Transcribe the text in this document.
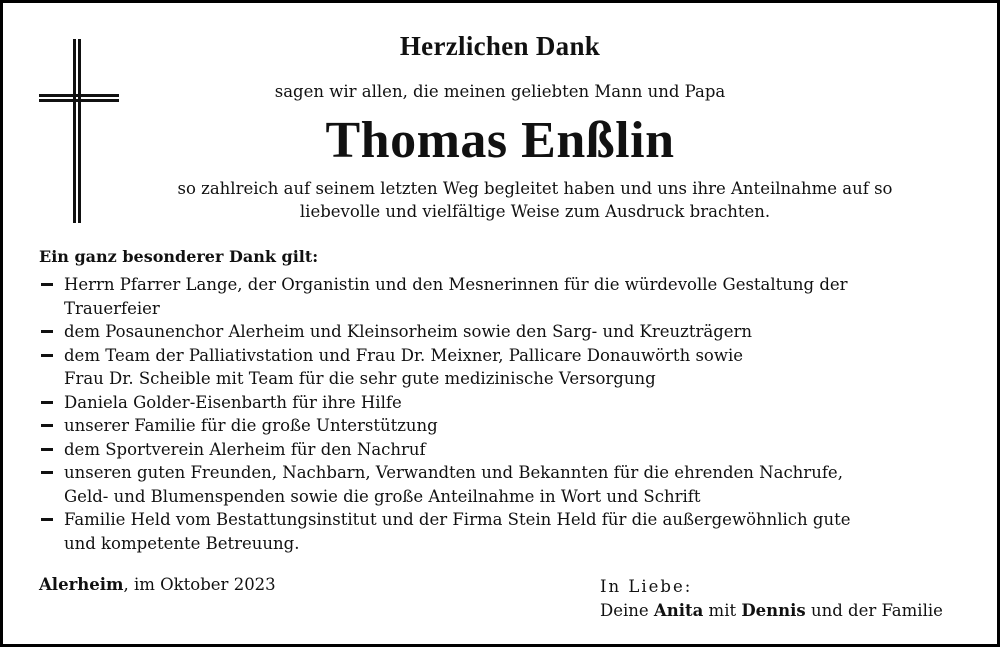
Herzlichen Dank
sagen wir allen, die meinen geliebten Mann und Papa
Thomas Enßlin
so zahlreich auf seinem letzten Weg begleitet haben und uns ihre Anteilnahme auf so
liebevolle und vielfältige Weise zum Ausdruck brachten.
Ein ganz besonderer Dank gilt:
Herrn Pfarrer Lange, der Organistin und den Mesnerinnen für die würdevolle Gestaltung der
Trauerfeier
dem Posaunenchor Alerheim und Kleinsorheim sowie den Sarg- und Kreuzträgern
dem Team der Palliativstation und Frau Dr. Meixner, Pallicare Donauwörth sowie
Frau Dr. Scheible mit Team für die sehr gute medizinische Versorgung
Daniela Golder-Eisenbarth für ihre Hilfe
unserer Familie für die große Unterstützung
dem Sportverein Alerheim für den Nachruf
unseren guten Freunden, Nachbarn, Verwandten und Bekannten für die ehrenden Nachrufe,
Geld- und Blumenspenden sowie die große Anteilnahme in Wort und Schrift
Familie Held vom Bestattungsinstitut und der Firma Stein Held für die außergewöhnlich gute
und kompetente Betreuung.
Alerheim, im Oktober 2023	In Liebe:
Deine Anita mit Dennis und der Familie
